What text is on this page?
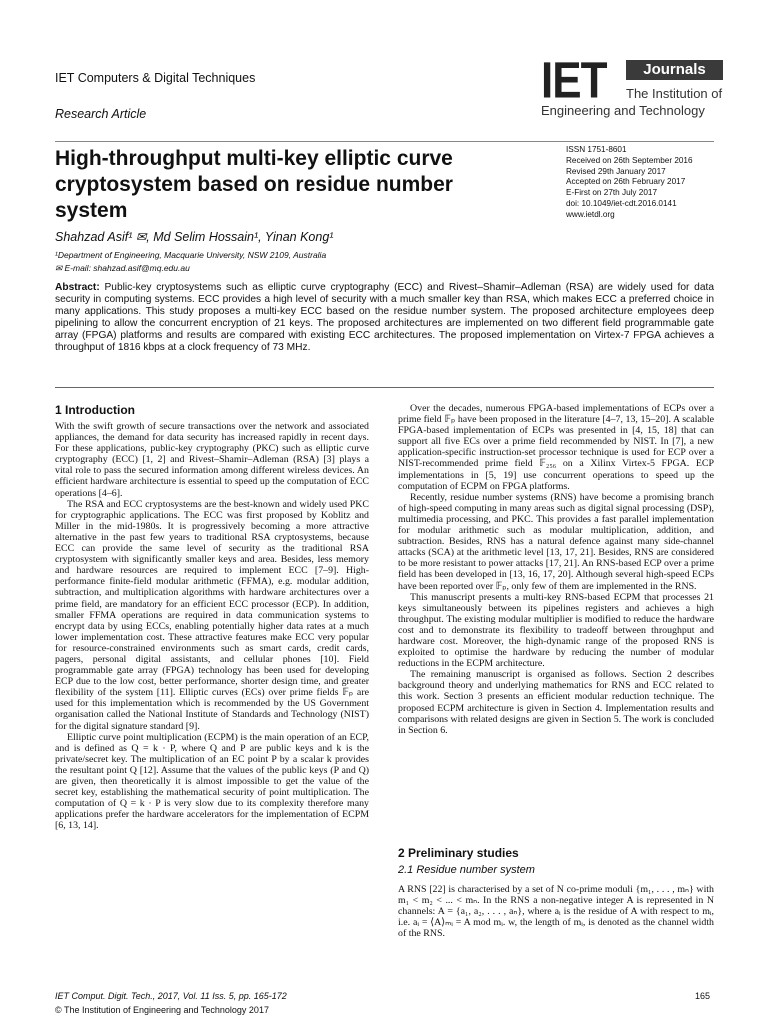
IET Computers & Digital Techniques
Research Article
IET	Journals
The Institution of
Engineering and Technology
High-throughput multi-key elliptic curve cryptosystem based on residue number system
ISSN 1751-8601
Received on 26th September 2016
Revised 29th January 2017
Accepted on 26th February 2017
E-First on 27th July 2017
doi: 10.1049/iet-cdt.2016.0141
www.ietdl.org
Shahzad Asif¹ ✉, Md Selim Hossain¹, Yinan Kong¹
¹Department of Engineering, Macquarie University, NSW 2109, Australia
✉ E-mail: shahzad.asif@mq.edu.au
Abstract: Public-key cryptosystems such as elliptic curve cryptography (ECC) and Rivest–Shamir–Adleman (RSA) are widely used for data security in computing systems. ECC provides a high level of security with a much smaller key than RSA, which makes ECC a preferred choice in many applications. This study proposes a multi-key ECC based on the residue number system. The proposed architecture employees deep pipelining to allow the concurrent encryption of 21 keys. The proposed architectures are implemented on two different field programmable gate array (FPGA) platforms and results are compared with existing ECC architectures. The proposed implementation on Virtex-7 FPGA achieves a throughput of 1816 kbps at a clock frequency of 73 MHz.
1 Introduction

With the swift growth of secure transactions over the network and associated appliances, the demand for data security has increased rapidly in recent days. For these applications, public-key cryptography (PKC) such as elliptic curve cryptography (ECC) [1, 2] and Rivest–Shamir–Adleman (RSA) [3] plays a vital role to pass the secured information among different wireless devices. An efficient hardware architecture is essential to speed up the computation of ECC operations [4–6].

The RSA and ECC cryptosystems are the best-known and widely used PKC for cryptographic applications. The ECC was first proposed by Koblitz and Miller in the mid-1980s. It is progressively becoming a more attractive alternative in the past few years to traditional RSA cryptosystems, because ECC can provide the same level of security as the traditional RSA cryptosystem with significantly smaller keys and area. Besides, less memory and hardware resources are required to implement ECC [7–9]. High-performance finite-field modular arithmetic (FFMA), e.g. modular addition, subtraction, and multiplication algorithms with hardware architectures over a prime field, are mandatory for an efficient ECC processor (ECP). In addition, smaller FFMA operations are required in data communication systems to encrypt data by using ECCs, enabling potentially higher data rates at a much lower implementation cost. These attractive features make ECC very popular for resource-constrained environments such as smart cards, credit cards, pagers, personal digital assistants, and cellular phones [10]. Field programmable gate array (FPGA) technology has been used for developing ECP due to the low cost, better performance, shorter design time, and greater flexibility of the system [11]. Elliptic curves (ECs) over prime fields 𝔽ₚ are used for this implementation which is recommended by the US Government organisation called the National Institute of Standards and Technology (NIST) for the digital signature standard [9].

Elliptic curve point multiplication (ECPM) is the main operation of an ECP, and is defined as Q = k · P, where Q and P are public keys and k is the private/secret key. The multiplication of an EC point P by a scalar k provides the resultant point Q [12]. Assume that the values of the public keys (P and Q) are given, then theoretically it is almost impossible to get the value of the secret key, establishing the mathematical security of point multiplication. The computation of Q = k · P is very slow due to its complexity therefore many applications prefer the hardware accelerators for the implementation of ECPM [6, 13, 14].

Over the decades, numerous FPGA-based implementations of ECPs over a prime field 𝔽ₚ have been proposed in the literature [4–7, 13, 15–20]. A scalable FPGA-based implementation of ECPs was presented in [4, 15, 18] that can support all five ECs over a prime field recommended by NIST. In [7], a new application-specific instruction-set processor technique is used for ECP over a NIST-recommended prime field 𝔽₂₅₆ on a Xilinx Virtex-5 FPGA. ECP implementations in [5, 19] use concurrent operations to speed up the computation of ECPM on FPGA platforms.

Recently, residue number systems (RNS) have become a promising branch of high-speed computing in many areas such as digital signal processing (DSP), multimedia processing, and PKC. This provides a fast parallel implementation for modular arithmetic such as modular multiplication, addition, and subtraction. Besides, RNS has a natural defence against many side-channel attacks (SCA) at the arithmetic level [13, 17, 21]. Besides, RNS are considered to be more resistant to power attacks [17, 21]. An RNS-based ECP over a prime field has been developed in [13, 16, 17, 20]. Although several high-speed ECPs have been reported over 𝔽ₚ, only few of them are implemented in the RNS.

This manuscript presents a multi-key RNS-based ECPM that processes 21 keys simultaneously between its pipelines registers and achieves a high throughput. The existing modular multiplier is modified to reduce the hardware cost and to demonstrate its flexibility to tradeoff between throughput and hardware cost. Moreover, the high-dynamic range of the proposed RNS is exploited to optimise the hardware by reducing the number of modular reductions in the ECPM architecture.

The remaining manuscript is organised as follows. Section 2 describes background theory and underlying mathematics for RNS and ECC related to this work. Section 3 presents an efficient modular reduction technique. The proposed ECPM architecture is given in Section 4. Implementation results and comparisons with related designs are given in Section 5. The work is concluded in Section 6.

2 Preliminary studies
2.1 Residue number system

A RNS [22] is characterised by a set of N co-prime moduli {m₁, . . . , mₙ} with m₁ < m₂ < ... < mₙ. In the RNS a non-negative integer A is represented in N channels: A = {a₁, a₂, . . . , aₙ}, where aᵢ is the residue of A with respect to mᵢ, i.e. aᵢ = ⟨A⟩ₘᵢ = A mod mᵢ. w, the length of mᵢ, is denoted as the channel width of the RNS.

IET Comput. Digit. Tech., 2017, Vol. 11 Iss. 5, pp. 165-172
© The Institution of Engineering and Technology 2017
165
